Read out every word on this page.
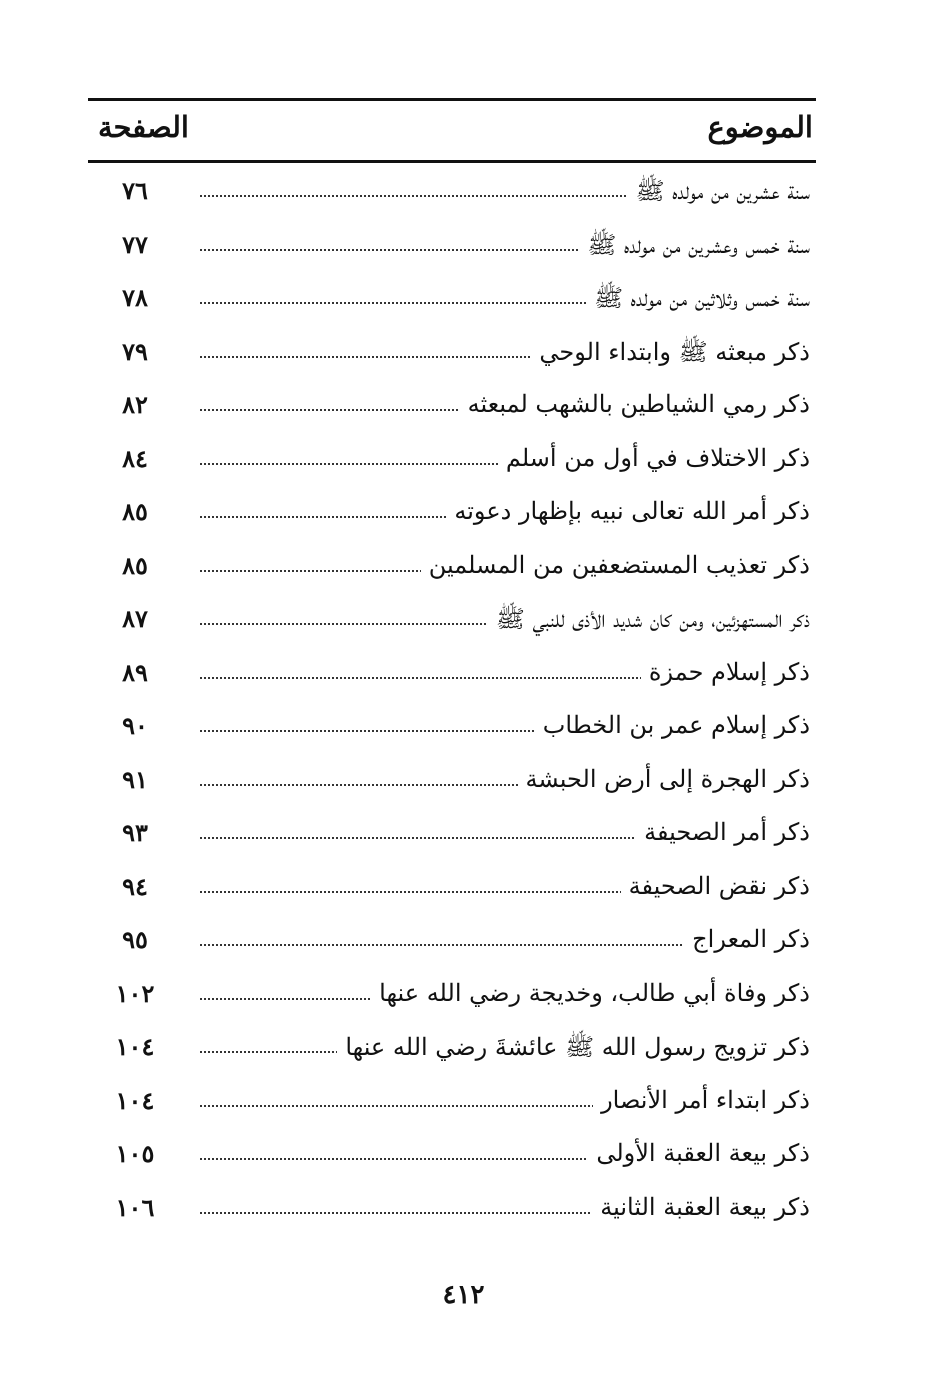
الموضوع
الصفحة
سنة عشرين من مولده ﷺ
٧٦
سنة خمس وعشرين من مولده ﷺ
٧٧
سنة خمس وثلاثين من مولده ﷺ
٧٨
ذكر مبعثه ﷺ وابتداء الوحي
٧٩
ذكر رمي الشياطين بالشهب لمبعثه
٨٢
ذكر الاختلاف في أول من أسلم
٨٤
ذكر أمر الله تعالى نبيه بإظهار دعوته
٨٥
ذكر تعذيب المستضعفين من المسلمين
٨٥
ذكر المستهزئين، ومن كان شديد الأذى للنبي ﷺ
٨٧
ذكر إسلام حمزة
٨٩
ذكر إسلام عمر بن الخطاب
٩٠
ذكر الهجرة إلى أرض الحبشة
٩١
ذكر أمر الصحيفة
٩٣
ذكر نقض الصحيفة
٩٤
ذكر المعراج
٩٥
ذكر وفاة أبي طالب، وخديجة رضي الله عنها
١٠٢
ذكر تزويج رسول الله ﷺ عائشةَ رضي الله عنها
١٠٤
ذكر ابتداء أمر الأنصار
١٠٤
ذكر بيعة العقبة الأولى
١٠٥
ذكر بيعة العقبة الثانية
١٠٦
٤١٢
